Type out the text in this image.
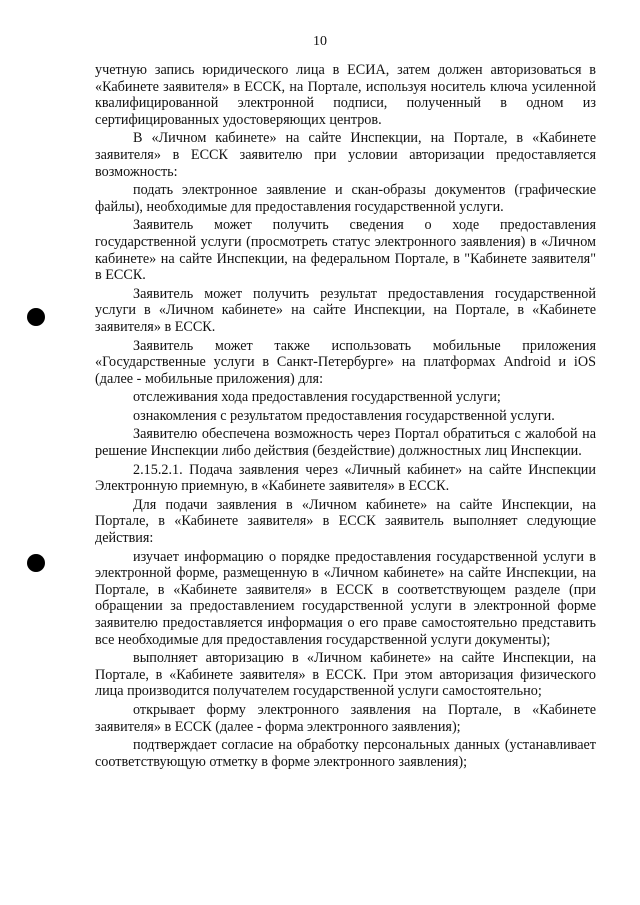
10

учетную запись юридического лица в ЕСИА, затем должен авторизоваться в «Кабинете заявителя» в ЕССК, на Портале, используя носитель ключа усиленной квалифицированной электронной подписи, полученный в одном из сертифицированных удостоверяющих центров.

В «Личном кабинете» на сайте Инспекции, на Портале, в «Кабинете заявителя» в ЕССК заявителю при условии авторизации предоставляется возможность:

подать электронное заявление и скан-образы документов (графические файлы), необходимые для предоставления государственной услуги.

Заявитель может получить сведения о ходе предоставления государственной услуги (просмотреть статус электронного заявления) в «Личном кабинете» на сайте Инспекции, на федеральном Портале, в "Кабинете заявителя" в ЕССК.

Заявитель может получить результат предоставления государственной услуги в «Личном кабинете» на сайте Инспекции, на Портале, в «Кабинете заявителя» в ЕССК.

Заявитель может также использовать мобильные приложения «Государственные услуги в Санкт-Петербурге» на платформах Android и iOS (далее - мобильные приложения) для:

отслеживания хода предоставления государственной услуги;

ознакомления с результатом предоставления государственной услуги.

Заявителю обеспечена возможность через Портал обратиться с жалобой на решение Инспекции либо действия (бездействие) должностных лиц Инспекции.

2.15.2.1. Подача заявления через «Личный кабинет» на сайте Инспекции Электронную приемную, в «Кабинете заявителя» в ЕССК.

Для подачи заявления в «Личном кабинете» на сайте Инспекции, на Портале, в «Кабинете заявителя» в ЕССК заявитель выполняет следующие действия:

изучает информацию о порядке предоставления государственной услуги в электронной форме, размещенную в «Личном кабинете» на сайте Инспекции, на Портале, в «Кабинете заявителя» в ЕССК в соответствующем разделе (при обращении за предоставлением государственной услуги в электронной форме заявителю предоставляется информация о его праве самостоятельно представить все необходимые для предоставления государственной услуги документы);

выполняет авторизацию в «Личном кабинете» на сайте Инспекции, на Портале, в «Кабинете заявителя» в ЕССК. При этом авторизация физического лица производится получателем государственной услуги самостоятельно;

открывает форму электронного заявления на Портале, в «Кабинете заявителя» в ЕССК (далее - форма электронного заявления);

подтверждает согласие на обработку персональных данных (устанавливает соответствующую отметку в форме электронного заявления);
